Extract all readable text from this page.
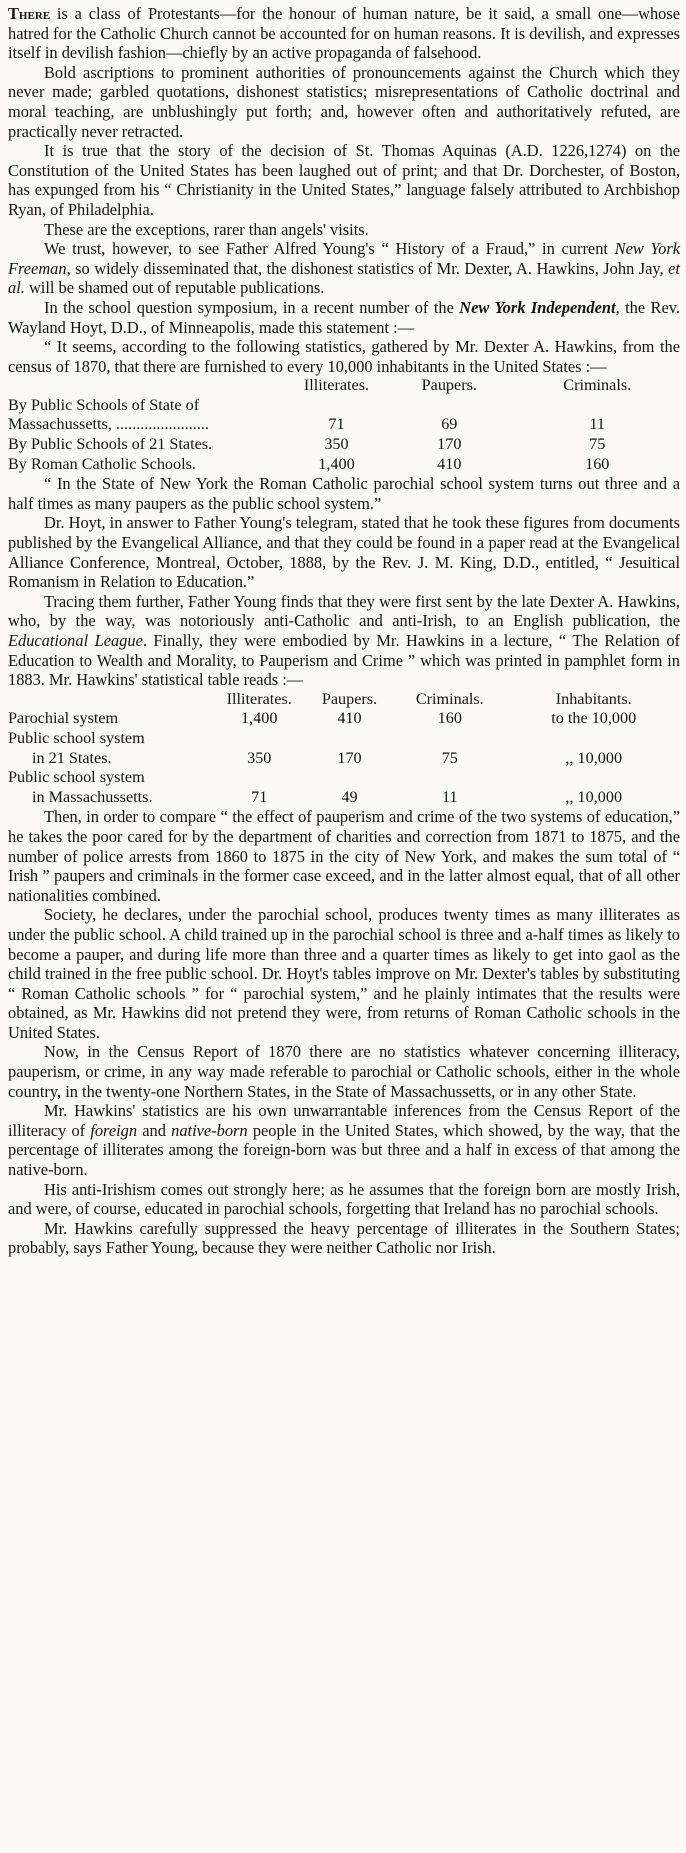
There is a class of Protestants—for the honour of human nature, be it said, a small one—whose hatred for the Catholic Church cannot be accounted for on human reasons. It is devilish, and expresses itself in devilish fashion—chiefly by an active propaganda of falsehood.

Bold ascriptions to prominent authorities of pronouncements against the Church which they never made; garbled quotations, dishonest statistics; misrepresentations of Catholic doctrinal and moral teaching, are unblushingly put forth; and, however often and authoritatively refuted, are practically never retracted.

It is true that the story of the decision of St. Thomas Aquinas (A.D. 1226,1274) on the Constitution of the United States has been laughed out of print; and that Dr. Dorchester, of Boston, has expunged from his “ Christianity in the United States,” language falsely attributed to Archbishop Ryan, of Philadelphia.

These are the exceptions, rarer than angels' visits.

We trust, however, to see Father Alfred Young's “ History of a Fraud,” in current New York Freeman, so widely disseminated that, the dishonest statistics of Mr. Dexter, A. Hawkins, John Jay, et al. will be shamed out of reputable publications.

In the school question symposium, in a recent number of the New York Independent, the Rev. Wayland Hoyt, D.D., of Minneapolis, made this statement :—

“ It seems, according to the following statistics, gathered by Mr. Dexter A. Hawkins, from the census of 1870, that there are furnished to every 10,000 inhabitants in the United States :—

	Illiterates.	Paupers.	Criminals.
By Public Schools of State of			
Massachussetts, .......................	71	69	11
By Public Schools of 21 States.	350	170	75
By Roman Catholic Schools.	1,400	410	160

“ In the State of New York the Roman Catholic parochial school system turns out three and a half times as many paupers as the public school system.”

Dr. Hoyt, in answer to Father Young's telegram, stated that he took these figures from documents published by the Evangelical Alliance, and that they could be found in a paper read at the Evangelical Alliance Conference, Montreal, October, 1888, by the Rev. J. M. King, D.D., entitled, “ Jesuitical Romanism in Relation to Education.”

Tracing them further, Father Young finds that they were first sent by the late Dexter A. Hawkins, who, by the way, was notoriously anti-Catholic and anti-Irish, to an English publication, the Educational League. Finally, they were embodied by Mr. Hawkins in a lecture, “ The Relation of Education to Wealth and Morality, to Pauperism and Crime ” which was printed in pamphlet form in 1883. Mr. Hawkins' statistical table reads :—

	Illiterates.	Paupers.	Criminals.	Inhabitants.
Parochial system	1,400	410	160	to the 10,000
Public school system				
in 21 States.	350	170	75	,, 10,000
Public school system				
in Massachussetts.	71	49	11	,, 10,000

Then, in order to compare “ the effect of pauperism and crime of the two systems of education,” he takes the poor cared for by the department of charities and correction from 1871 to 1875, and the number of police arrests from 1860 to 1875 in the city of New York, and makes the sum total of “ Irish ” paupers and criminals in the former case exceed, and in the latter almost equal, that of all other nationalities combined.

Society, he declares, under the parochial school, produces twenty times as many illiterates as under the public school. A child trained up in the parochial school is three and a-half times as likely to become a pauper, and during life more than three and a quarter times as likely to get into gaol as the child trained in the free public school. Dr. Hoyt's tables improve on Mr. Dexter's tables by substituting “ Roman Catholic schools ” for “ parochial system,” and he plainly intimates that the results were obtained, as Mr. Hawkins did not pretend they were, from returns of Roman Catholic schools in the United States.

Now, in the Census Report of 1870 there are no statistics whatever concerning illiteracy, pauperism, or crime, in any way made referable to parochial or Catholic schools, either in the whole country, in the twenty-one Northern States, in the State of Massachussetts, or in any other State.

Mr. Hawkins' statistics are his own unwarrantable inferences from the Census Report of the illiteracy of foreign and native-born people in the United States, which showed, by the way, that the percentage of illiterates among the foreign-born was but three and a half in excess of that among the native-born.

His anti-Irishism comes out strongly here; as he assumes that the foreign born are mostly Irish, and were, of course, educated in parochial schools, forgetting that Ireland has no parochial schools.

Mr. Hawkins carefully suppressed the heavy percentage of illiterates in the Southern States; probably, says Father Young, because they were neither Catholic nor Irish.
